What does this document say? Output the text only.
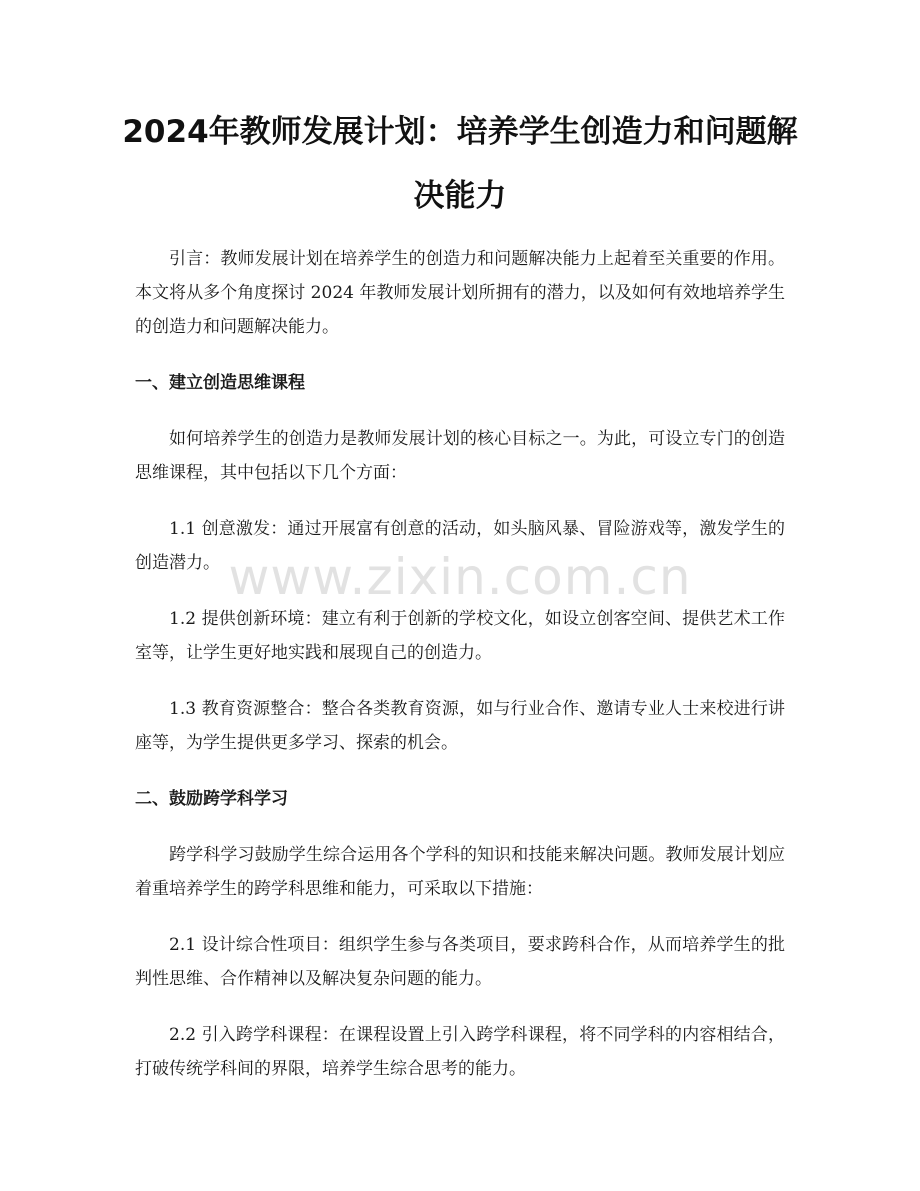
2024年教师发展计划：培养学生创造力和问题解决能力

引言：教师发展计划在培养学生的创造力和问题解决能力上起着至关重要的作用。本文将从多个角度探讨 2024 年教师发展计划所拥有的潜力，以及如何有效地培养学生的创造力和问题解决能力。

一、建立创造思维课程

如何培养学生的创造力是教师发展计划的核心目标之一。为此，可设立专门的创造思维课程，其中包括以下几个方面：

1.1 创意激发：通过开展富有创意的活动，如头脑风暴、冒险游戏等，激发学生的创造潜力。

1.2 提供创新环境：建立有利于创新的学校文化，如设立创客空间、提供艺术工作室等，让学生更好地实践和展现自己的创造力。

1.3 教育资源整合：整合各类教育资源，如与行业合作、邀请专业人士来校进行讲座等，为学生提供更多学习、探索的机会。

二、鼓励跨学科学习

跨学科学习鼓励学生综合运用各个学科的知识和技能来解决问题。教师发展计划应着重培养学生的跨学科思维和能力，可采取以下措施：

2.1 设计综合性项目：组织学生参与各类项目，要求跨科合作，从而培养学生的批判性思维、合作精神以及解决复杂问题的能力。

2.2 引入跨学科课程：在课程设置上引入跨学科课程，将不同学科的内容相结合，打破传统学科间的界限，培养学生综合思考的能力。

www.zixin.com.cn
